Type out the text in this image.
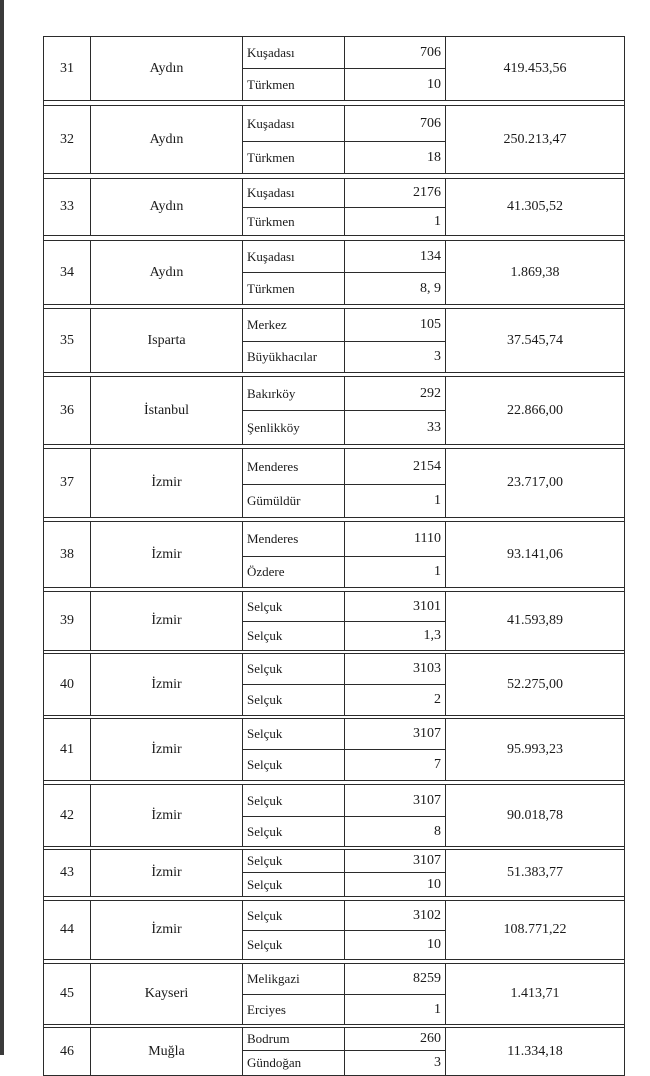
31	Aydın	Kuşadası	706	419.453,56
		Türkmen	10	

32	Aydın	Kuşadası	706	250.213,47
		Türkmen	18	

33	Aydın	Kuşadası	2176	41.305,52
		Türkmen	1	

34	Aydın	Kuşadası	134	1.869,38
		Türkmen	8, 9	

35	Isparta	Merkez	105	37.545,74
		Büyükhacılar	3	

36	İstanbul	Bakırköy	292	22.866,00
		Şenlikköy	33	

37	İzmir	Menderes	2154	23.717,00
		Gümüldür	1	

38	İzmir	Menderes	1110	93.141,06
		Özdere	1	

39	İzmir	Selçuk	3101	41.593,89
		Selçuk	1,3	

40	İzmir	Selçuk	3103	52.275,00
		Selçuk	2	

41	İzmir	Selçuk	3107	95.993,23
		Selçuk	7	

42	İzmir	Selçuk	3107	90.018,78
		Selçuk	8	

43	İzmir	Selçuk	3107	51.383,77
		Selçuk	10	

44	İzmir	Selçuk	3102	108.771,22
		Selçuk	10	

45	Kayseri	Melikgazi	8259	1.413,71
		Erciyes	1	

46	Muğla	Bodrum	260	11.334,18
		Gündoğan	3	
